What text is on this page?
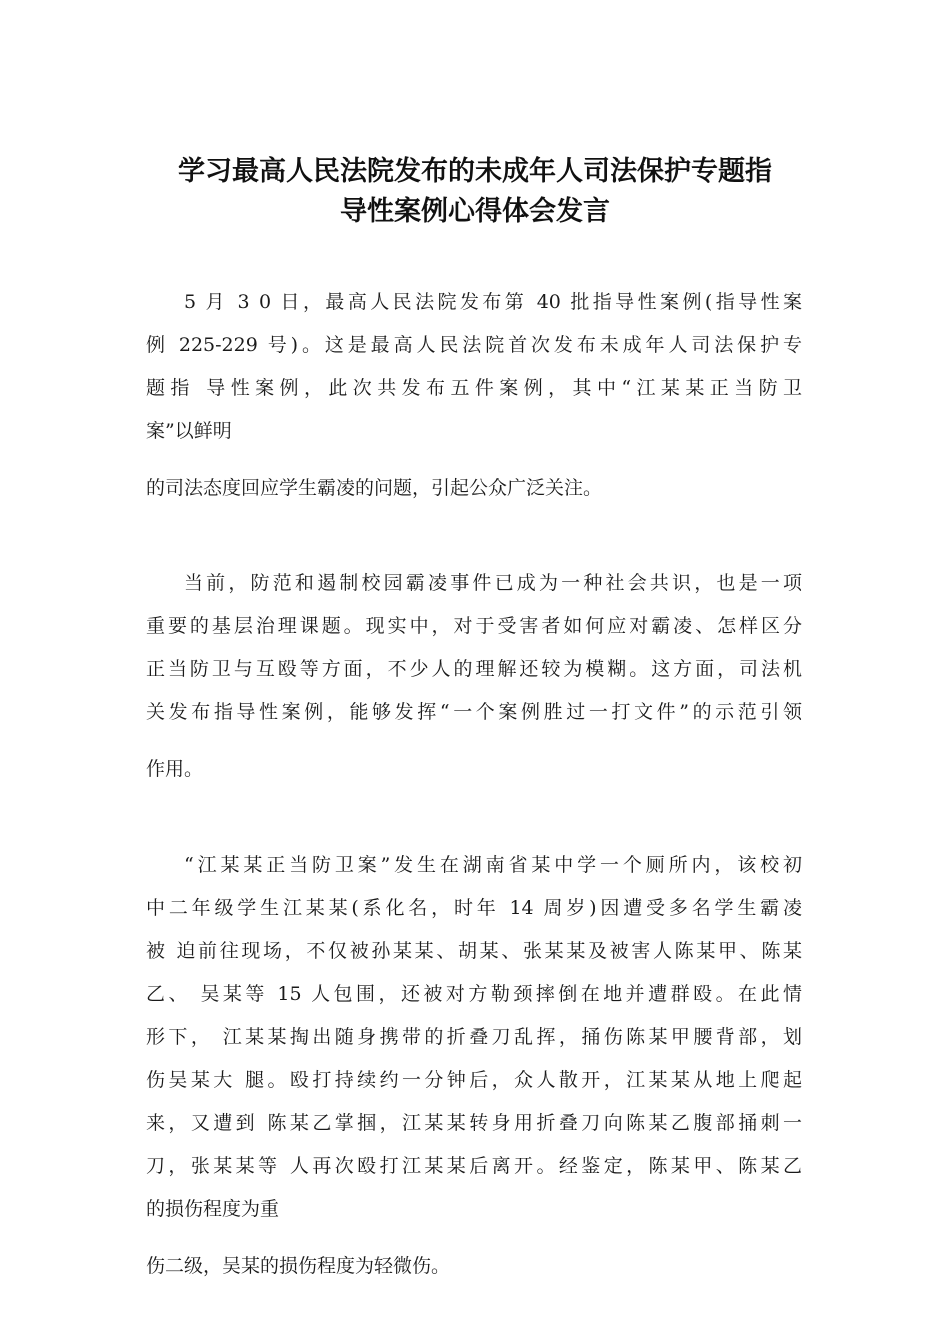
学习最高人民法院发布的未成年人司法保护专题指
导性案例心得体会发言
5 月 3 0 日，最高人民法院发布第 40 批指导性案例(指导性案
例 225-229 号)。这是最高人民法院首次发布未成年人司法保护专
题指 导性案例，此次共发布五件案例，其中“江某某正当防卫
案”以鲜明
的司法态度回应学生霸凌的问题，引起公众广泛关注。
当前，防范和遏制校园霸凌事件已成为一种社会共识，也是一项
重要的基层治理课题。现实中，对于受害者如何应对霸凌、怎样区分
正当防卫与互殴等方面，不少人的理解还较为模糊。这方面，司法机
关发布指导性案例，能够发挥“一个案例胜过一打文件”的示范引领
作用。
“江某某正当防卫案”发生在湖南省某中学一个厕所内，该校初
中二年级学生江某某(系化名，时年 14 周岁)因遭受多名学生霸凌
被 迫前往现场，不仅被孙某某、胡某、张某某及被害人陈某甲、陈某
乙、 吴某等 15 人包围，还被对方勒颈摔倒在地并遭群殴。在此情
形下， 江某某掏出随身携带的折叠刀乱挥，捅伤陈某甲腰背部，划
伤吴某大 腿。殴打持续约一分钟后，众人散开，江某某从地上爬起
来，又遭到 陈某乙掌掴，江某某转身用折叠刀向陈某乙腹部捅刺一
刀，张某某等 人再次殴打江某某后离开。经鉴定，陈某甲、陈某乙
的损伤程度为重
伤二级，吴某的损伤程度为轻微伤。
